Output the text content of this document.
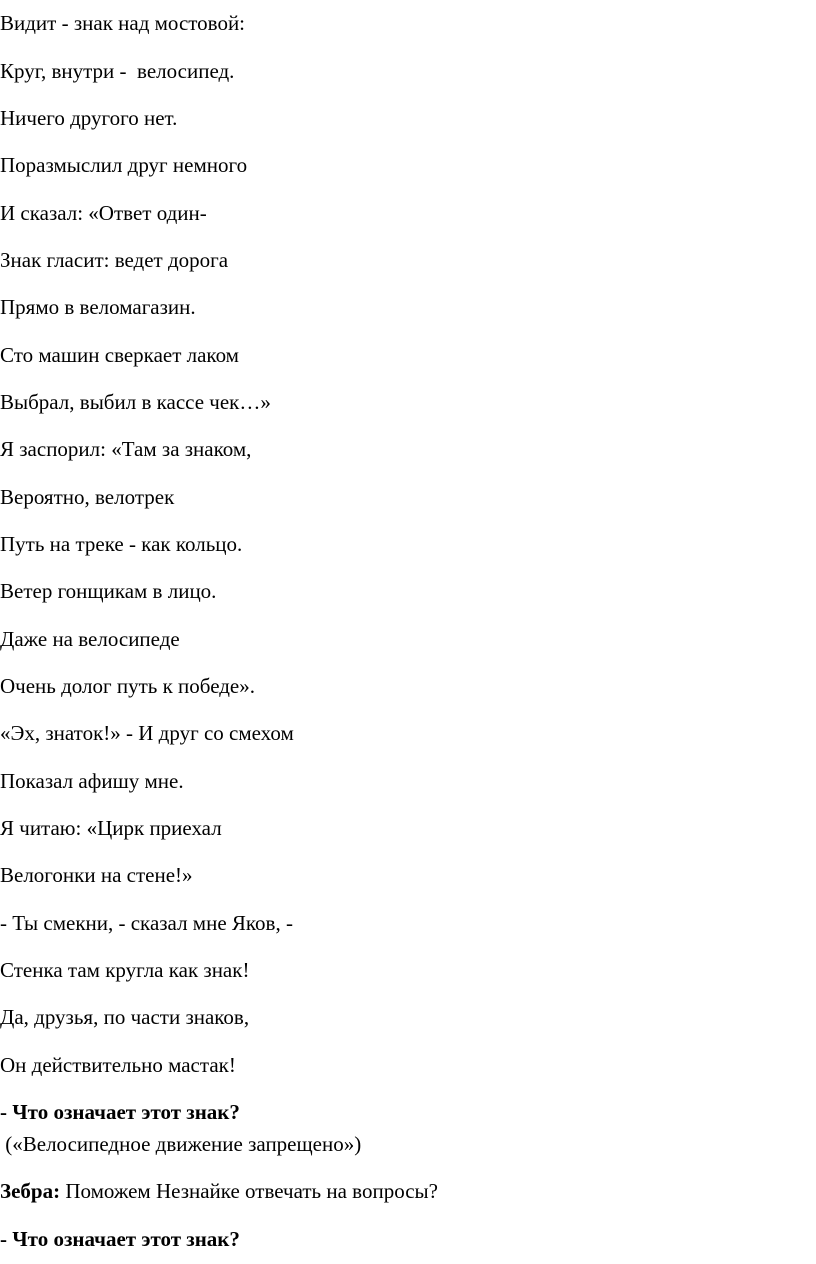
Видит - знак над мостовой:

Круг, внутри -  велосипед.

Ничего другого нет.

Поразмыслил друг немного

И сказал: «Ответ один-

Знак гласит: ведет дорога

Прямо в веломагазин.

Сто машин сверкает лаком

Выбрал, выбил в кассе чек…»

Я заспорил: «Там за знаком,

Вероятно, велотрек

Путь на треке - как кольцо.

Ветер гонщикам в лицо.

Даже на велосипеде

Очень долог путь к победе».

«Эх, знаток!» - И друг со смехом

Показал афишу мне.

Я читаю: «Цирк приехал

Велогонки на стене!»

- Ты смекни, - сказал мне Яков, -

Стенка там кругла как знак!

Да, друзья, по части знаков,

Он действительно мастак!

- Что означает этот знак?

(«Велосипедное движение запрещено»)

Зебра: Поможем Незнайке отвечать на вопросы?

- Что означает этот знак?
